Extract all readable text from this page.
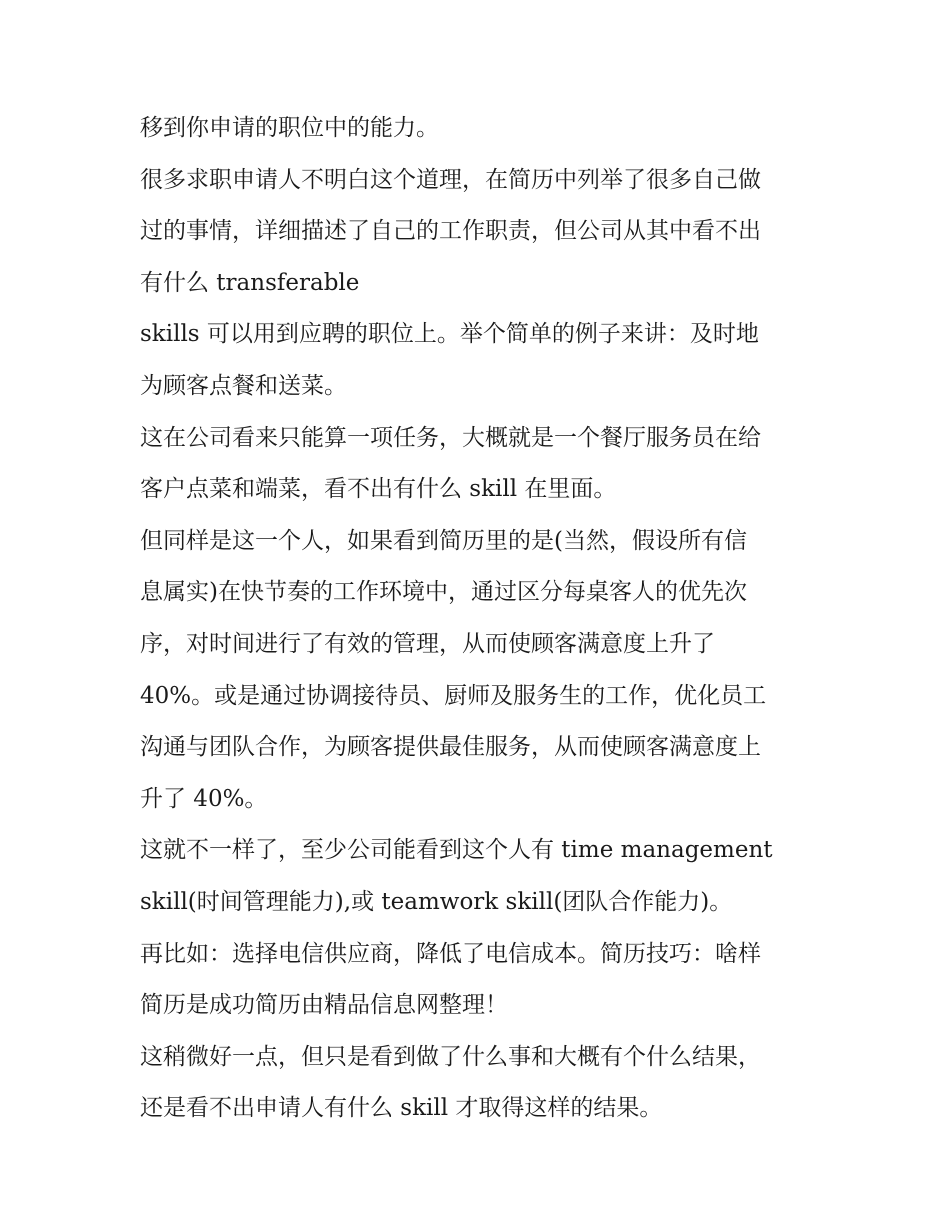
移到你申请的职位中的能力。

很多求职申请人不明白这个道理，在简历中列举了很多自己做

过的事情，详细描述了自己的工作职责，但公司从其中看不出

有什么 transferable

skills 可以用到应聘的职位上。举个简单的例子来讲：及时地

为顾客点餐和送菜。

这在公司看来只能算一项任务，大概就是一个餐厅服务员在给

客户点菜和端菜，看不出有什么 skill 在里面。

但同样是这一个人，如果看到简历里的是(当然，假设所有信

息属实)在快节奏的工作环境中，通过区分每桌客人的优先次

序，对时间进行了有效的管理，从而使顾客满意度上升了

40%。或是通过协调接待员、厨师及服务生的工作，优化员工

沟通与团队合作，为顾客提供最佳服务，从而使顾客满意度上

升了 40%。

这就不一样了，至少公司能看到这个人有 time management

skill(时间管理能力),或 teamwork skill(团队合作能力)。

再比如：选择电信供应商，降低了电信成本。简历技巧：啥样

简历是成功简历由精品信息网整理！

这稍微好一点，但只是看到做了什么事和大概有个什么结果，

还是看不出申请人有什么 skill 才取得这样的结果。
